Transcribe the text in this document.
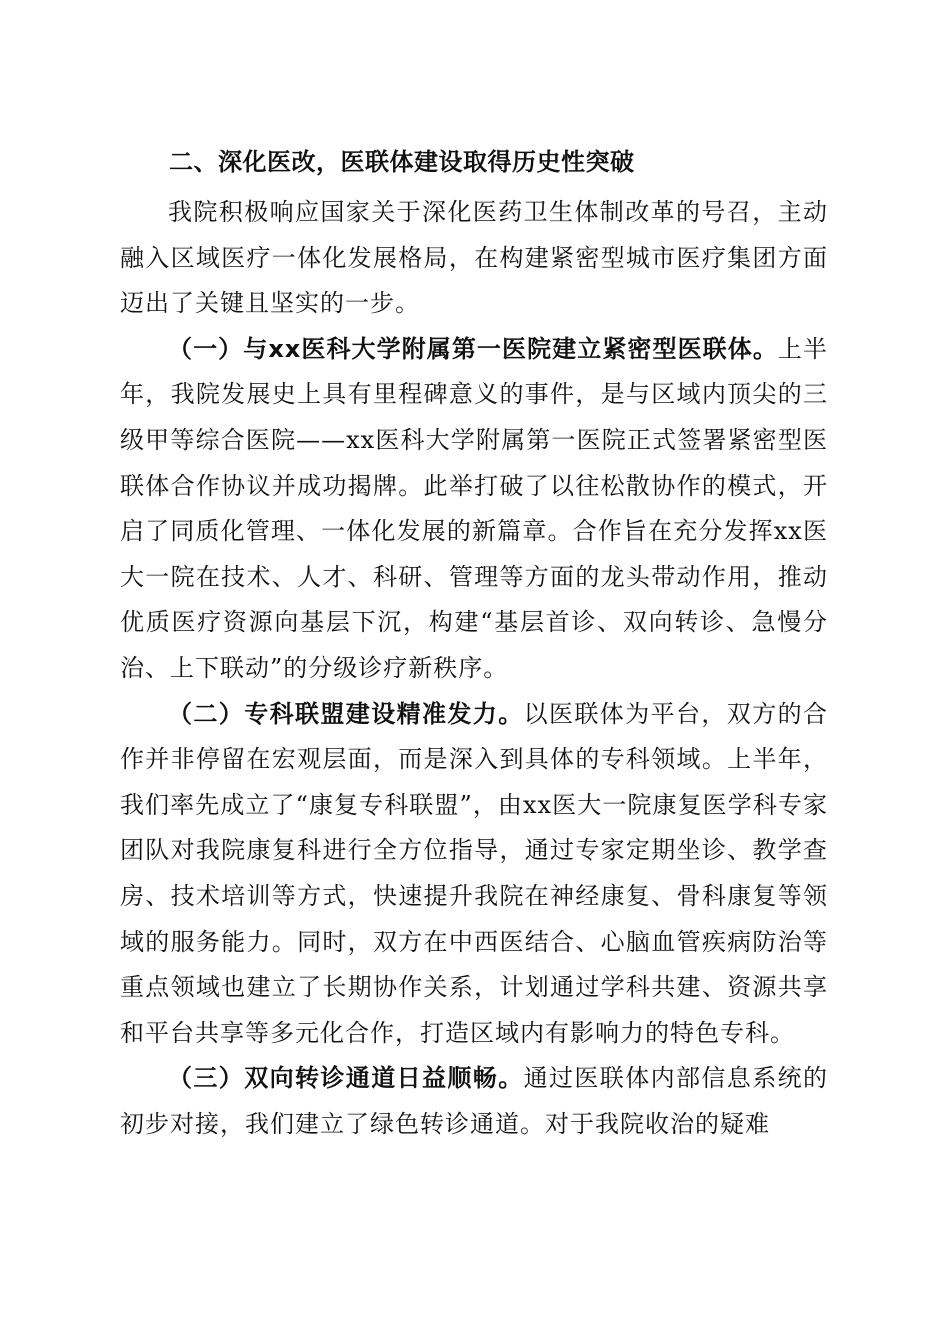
二、深化医改，医联体建设取得历史性突破

我院积极响应国家关于深化医药卫生体制改革的号召，主动融入区域医疗一体化发展格局，在构建紧密型城市医疗集团方面迈出了关键且坚实的一步。

（一）与xx医科大学附属第一医院建立紧密型医联体。上半年，我院发展史上具有里程碑意义的事件，是与区域内顶尖的三级甲等综合医院——xx医科大学附属第一医院正式签署紧密型医联体合作协议并成功揭牌。此举打破了以往松散协作的模式，开启了同质化管理、一体化发展的新篇章。合作旨在充分发挥xx医大一院在技术、人才、科研、管理等方面的龙头带动作用，推动优质医疗资源向基层下沉，构建“基层首诊、双向转诊、急慢分治、上下联动”的分级诊疗新秩序。

（二）专科联盟建设精准发力。以医联体为平台，双方的合作并非停留在宏观层面，而是深入到具体的专科领域。上半年，我们率先成立了“康复专科联盟”，由xx医大一院康复医学科专家团队对我院康复科进行全方位指导，通过专家定期坐诊、教学查房、技术培训等方式，快速提升我院在神经康复、骨科康复等领域的服务能力。同时，双方在中西医结合、心脑血管疾病防治等重点领域也建立了长期协作关系，计划通过学科共建、资源共享和平台共享等多元化合作，打造区域内有影响力的特色专科。

（三）双向转诊通道日益顺畅。通过医联体内部信息系统的初步对接，我们建立了绿色转诊通道。对于我院收治的疑难
